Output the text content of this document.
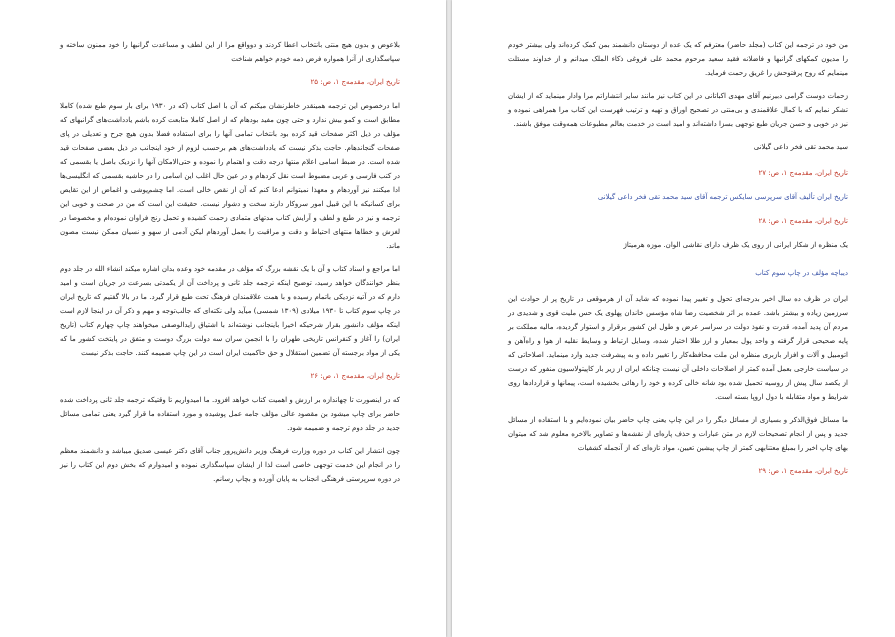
بلاعوض و بدون هیچ منتی بانتخاب اعطا کردند و دوواقع مرا از این لطف و مساعدت گرانبها را خود ممنون ساخته و سپاسگذاری از آنرا همواره فرض ذمه خودم خواهم شناخت

تاریخ ایران، مقدمه‌ج ۱، ص: ۲۵

اما درخصوص این ترجمه همینقدر خاطرنشان میکنم که آن با اصل کتاب (که در ۱۹۳۰ برای بار سوم طبع شده) کاملا مطابق است و کمو بیش ندارد و حتی چون مفید بودهام که از اصل کاملا متابعت کرده باشم یادداشت‌های گرانبهای که مؤلف در ذیل اکثر صفحات قید کرده بود بانتخاب تمامی آنها را برای استفاده فضلا بدون هیچ جرح و تعدیلی در پای صفحات گنجاندهام. حاجت بذکر نیست که یادداشت‌های هم برحسب لزوم از خود اینجانب در ذیل بعضی صفحات قید شده است. در ضبط اسامی اعلام منتها درجه دقت و اهتمام را نموده و حتی‌الامکان آنها را نزدیک باصل یا بقسمی که در کتب فارسی و عربی مضبوط است نقل کردهام و در عین حال اغلب این اسامی را در حاشیه بقسمی که انگلیسی‌ها ادا میکنند نیز آوردهام و معهذا نمیتوانم ادعا کنم که آن از نقص خالی است. اما چشم‌پوشی و اغماض از این تقایص برای کسانیکه با این قبیل امور سروکار دارند سخت و دشوار نیست. حقیقت این است که من در صحت و خوبی این ترجمه و نیز در طبع و لطف و آرایش کتاب مدتهای متمادی زحمت کشیده و تحمل رنج فراوان نموده‌ام و مخصوصا در لغزش و خطاها منتهای احتیاط و دقت و مراقبت را بعمل آوردهام لیکن آدمی از سهو و نسیان ممکن نیست مصون ماند.

اما مراجع و اسناد کتاب و آن با یک نقشه بزرگ که مؤلف در مقدمه خود وعده بدان اشاره میکند انشاء الله در جلد دوم بنظر خوانندگان خواهد رسید، توضیح اینکه ترجمه جلد ثانی و پرداخت آن از یکمدتی بسرعت در جریان است و امید دارم که در آتیه نزدیکی باتمام رسیده و با همت علاقمندان فرهنگ تحت طبع قرار گیرد. ما در بالا گفتیم که تاریخ ایران در چاپ سوم کتاب تا ۱۹۳۰ میلادی (۱۳۰۹ شمسی) میآید ولی نکته‌ای که جالب‌توجه و مهم و ذکر آن در اینجا لازم است اینکه مؤلف دانشور بقرار شرحیکه اخیرا باینجانب نوشته‌اند با اشتیاق زایدالوصفی میخواهند چاپ چهارم کتاب (تاریخ ایران) را آغاز و کنفرانس تاریخی طهران را با انجمن سران سه دولت بزرگ دوست و متفق در پایتخت کشور ما که یکی از مواد برجسته آن تضمین استقلال و حق حاکمیت ایران است در این چاپ ضمیمه کنند. حاجت بذکر نیست

تاریخ ایران، مقدمه‌ج ۱، ص: ۲۶

که در اینصورت تا چهاندازه بر ارزش و اهمیت کتاب خواهد افزود. ما امیدواریم تا وقتیکه ترجمه جلد ثانی پرداخت شده حاضر برای چاپ میشود بن مقصود عالی مؤلف جامه عمل پوشیده و مورد استفاده ما قرار گیرد یعنی تمامی مسائل جدید در جلد دوم ترجمه و ضمیمه شود.

چون انتشار این کتاب در دوره وزارت فرهنگ وزیر دانش‌پرور جناب آقای دکتر عیسی صدیق میباشد و دانشمند معظم را در انجام این خدمت توجهی خاصی است لذا از ایشان سپاسگذاری نموده و امیدوارم که بخش دوم این کتاب را نیز در دوره سرپرستی فرهنگی انجناب به پایان آورده و بچاپ رسانم.

من خود در ترجمه این کتاب (مجلد حاضر) معترفم که یک عده از دوستان دانشمند بمن کمک کرده‌اند ولی بیشتر خودم را مدیون کمکهای گرانبها و فاضلانه فقید سعید مرحوم محمد علی فروغی ذکاء الملک میدانم و از خداوند مسئلت مینمایم که روح پرفتوحش را غریق رحمت فرماید.

زحمات دوست گرامی دبیرنیم آقای مهدی اکباتانی در این کتاب نیز مانند سایر انتشاراتم مرا وادار مینماید که از ایشان تشکر نمایم که با کمال علاقمندی و بی‌منتی در تصحیح اوراق و تهیه و ترتیب فهرست این کتاب مرا همراهی نموده و نیز در خوبی و حسن جریان طبع توجهی بسزا داشته‌اند و امید است در خدمت بعالم مطبوعات همه‌وقت موفق باشند.

سید محمد تقی فخر داعی گیلانی

تاریخ ایران، مقدمه‌ج ۱، ص: ۲۷

تاریخ ایران تألیف آقای سرپرسی سایکس ترجمه آقای سید محمد تقی فخر داعی گیلانی

تاریخ ایران، مقدمه‌ج ۱، ص: ۲۸

یک منظره از شکار ایرانی از روی یک ظرف دارای نقاشی الوان. موزه هرمیتاژ

دیباچه مؤلف در چاپ سوم کتاب

ایران در ظرف ده سال اخیر بدرجه‌ای تحول و تغییر پیدا نموده که شاید آن از هرموقعی در تاریخ پر از حوادث این سرزمین زیاده و بیشتر باشد. عمده بر اثر شخصیت رضا شاه مؤسس خاندان پهلوی یک حس ملیت قوی و شدیدی در مردم آن پدید آمده، قدرت و نفوذ دولت در سراسر عرض و طول این کشور برقرار و استوار گردیده، مالیه مملکت بر پایه صحیحی قرار گرفته و واحد پول بمعیار و ارز طلا اختیار شده، وسایل ارتباط و وسایط نقلیه از هوا و راه‌آهن و اتومبیل و آلات و افزار بازبری منظره این ملت محافظه‌کار را تغییر داده و به پیشرفت جدید وارد مینماید. اصلاحاتی که در سیاست خارجی بعمل آمده کمتر از اصلاحات داخلی آن نیست چنانکه ایران از زیر بار کاپیتولاسیون منفور که درست از یکصد سال پیش از روسیه تحمیل شده بود شانه خالی کرده و خود را رهائی بخشیده است، پیمانها و قراردادها روی شرایط و مواد متقابله با دول اروپا بسته است.

ما مسائل فوق‌الذکر و بسیاری از مسائل دیگر را در این چاپ یعنی چاپ حاضر بیان نموده‌ایم و با استفاده از مسائل جدید و پس از انجام تصحیحات لازم در متن عبارات و حذف پاره‌ای از نقشه‌ها و تصاویر بالاخره معلوم شد که میتوان بهای چاپ اخیر را بمبلغ معتنابهی کمتر از چاپ پیشین تعیین، مواد تازه‌ای که از آنجمله کشفیات

تاریخ ایران، مقدمه‌ج ۱، ص: ۲۹
